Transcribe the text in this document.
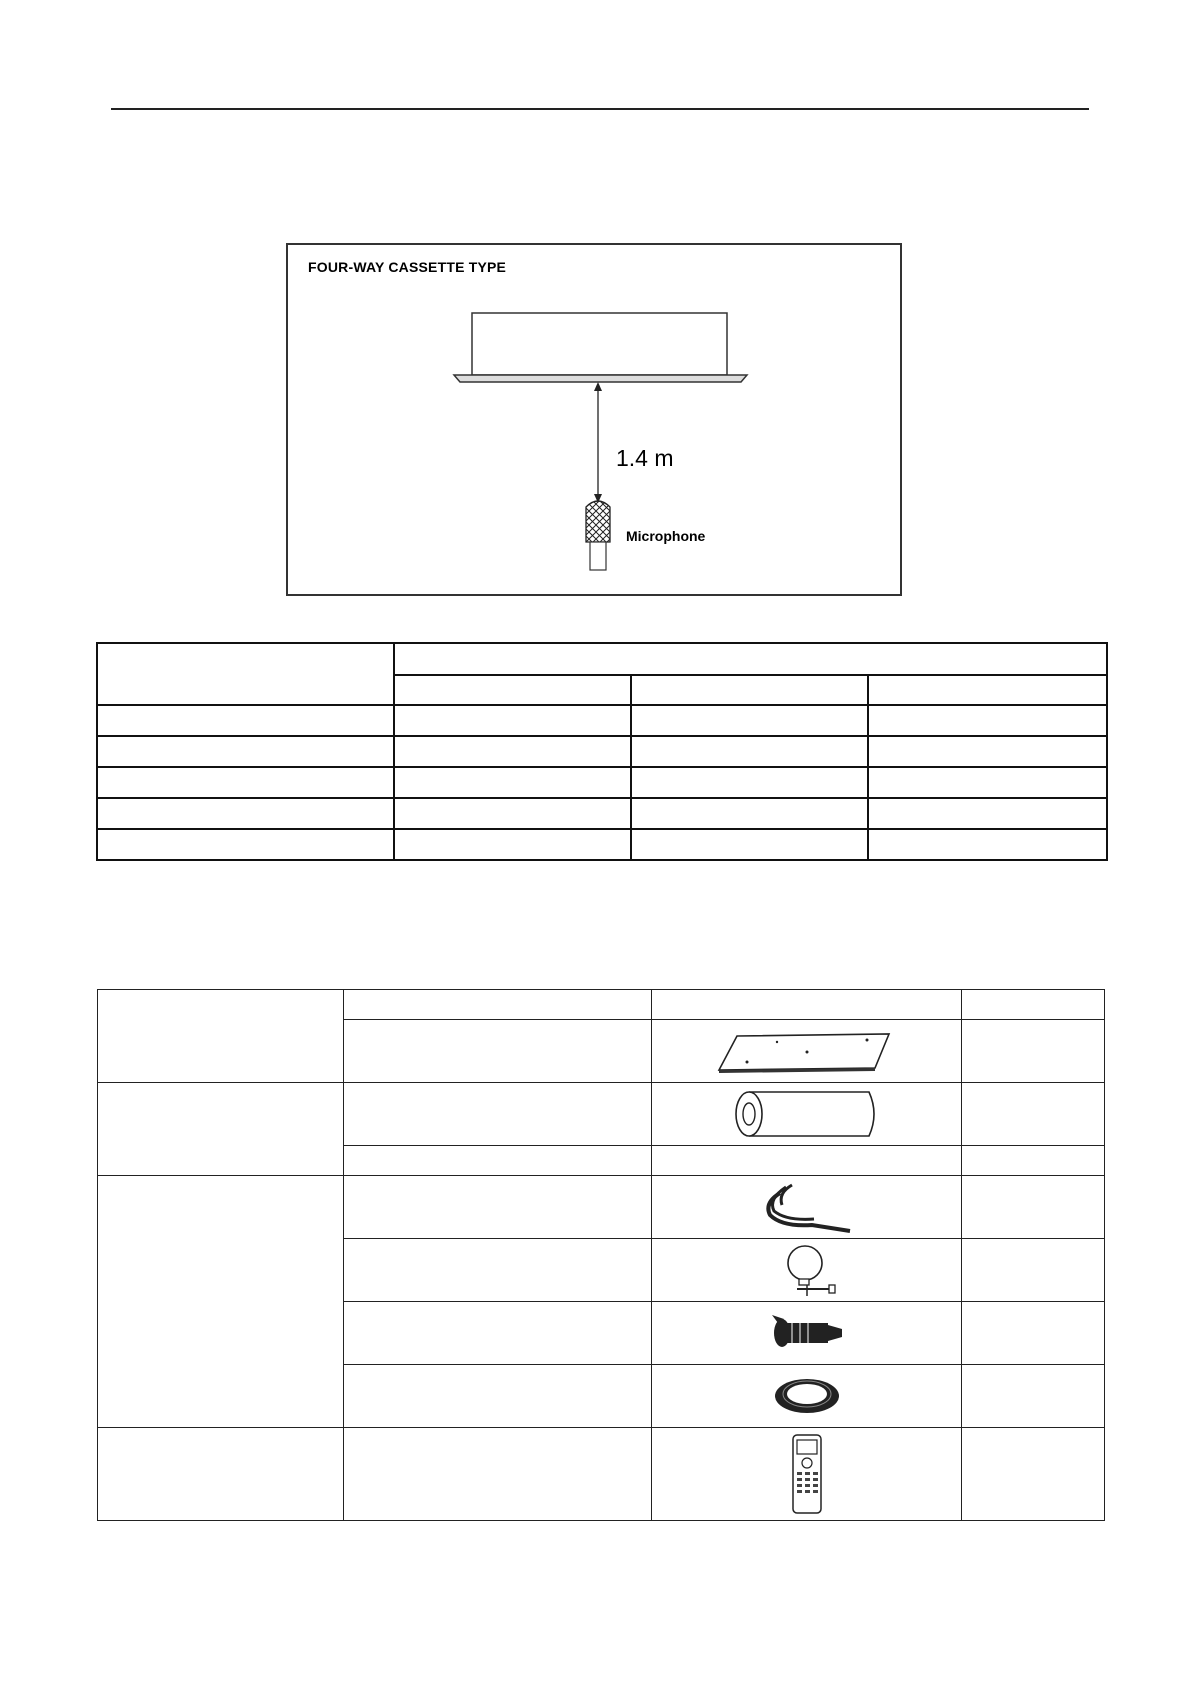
FOUR-WAY CASSETTE TYPE
1.4 m
Microphone
